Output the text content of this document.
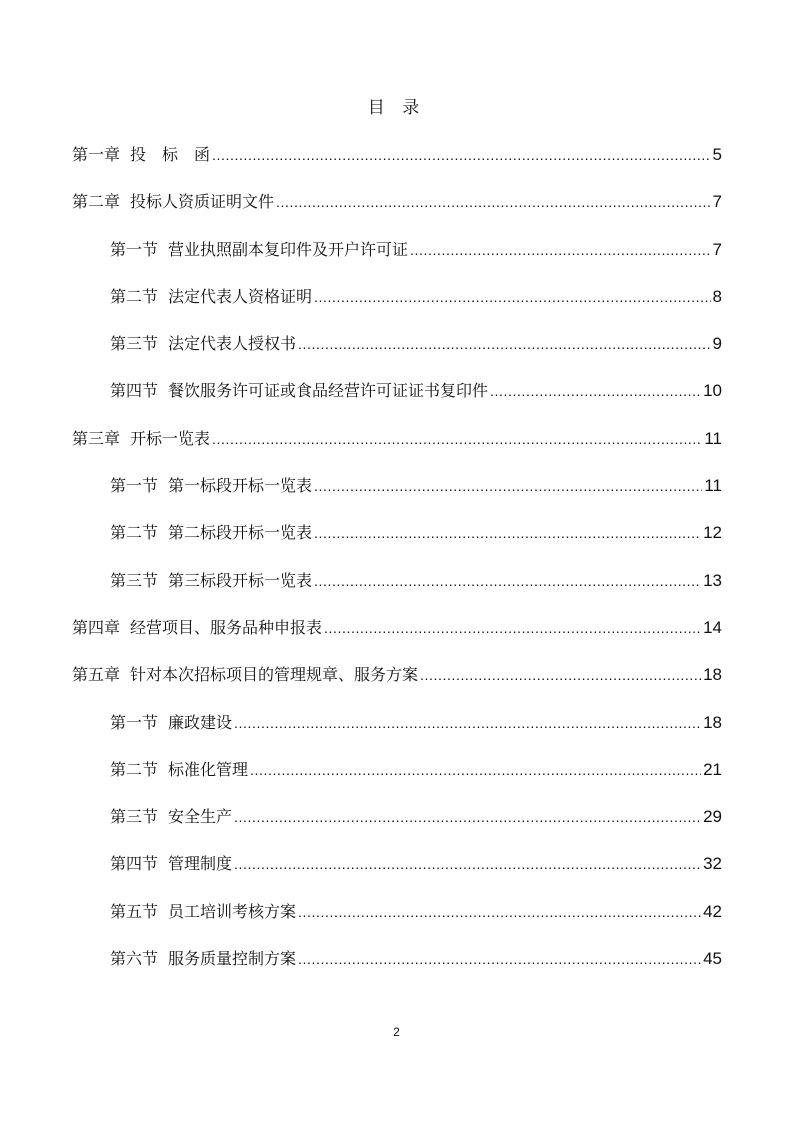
目 录
第一章 投　标　函 .....	5
第二章 投标人资质证明文件 .....	7
第一节 营业执照副本复印件及开户许可证 .....	7
第二节 法定代表人资格证明 .....	8
第三节 法定代表人授权书 .....	9
第四节 餐饮服务许可证或食品经营许可证证书复印件 .....	10
第三章 开标一览表 .....	11
第一节 第一标段开标一览表 .....	11
第二节 第二标段开标一览表 .....	12
第三节 第三标段开标一览表 .....	13
第四章 经营项目、服务品种申报表 .....	14
第五章 针对本次招标项目的管理规章、服务方案 .....	18
第一节 廉政建设 .....	18
第二节 标准化管理 .....	21
第三节 安全生产 .....	29
第四节 管理制度 .....	32
第五节 员工培训考核方案 .....	42
第六节 服务质量控制方案 .....	45
2
